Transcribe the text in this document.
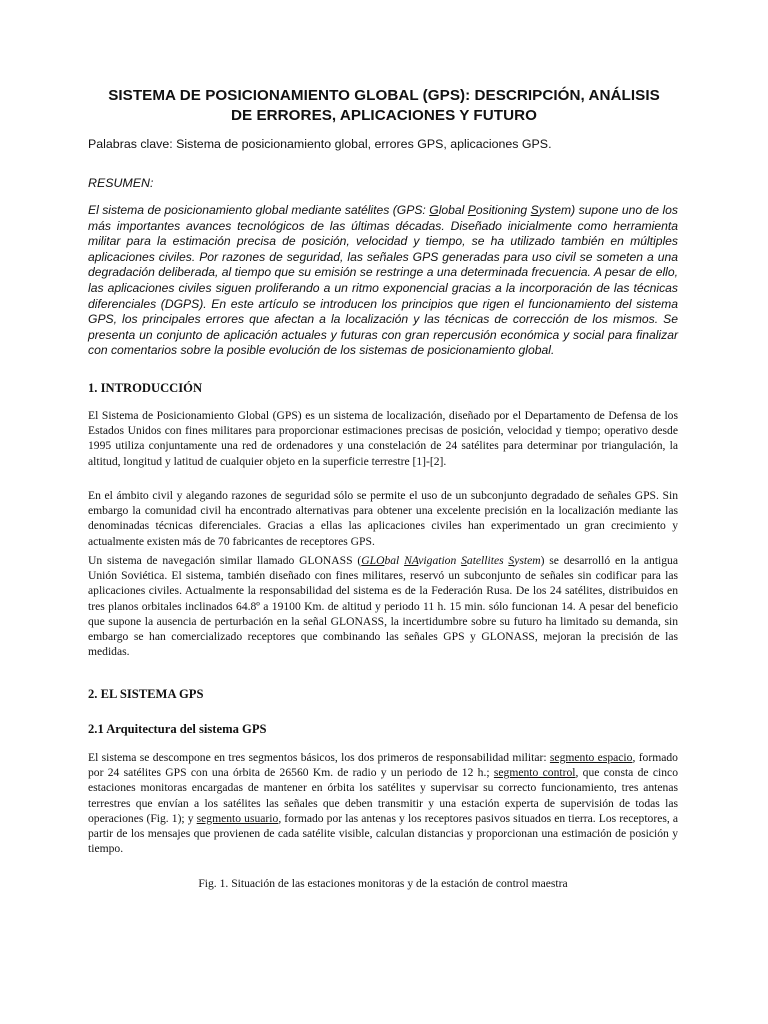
SISTEMA DE POSICIONAMIENTO GLOBAL (GPS): DESCRIPCIÓN, ANÁLISIS
DE ERRORES, APLICACIONES Y FUTURO

Palabras clave: Sistema de posicionamiento global, errores GPS, aplicaciones GPS.

RESUMEN:

El sistema de posicionamiento global mediante satélites (GPS: Global Positioning System) supone uno de los más importantes avances tecnológicos de las últimas décadas. Diseñado inicialmente como herramienta militar para la estimación precisa de posición, velocidad y tiempo, se ha utilizado también en múltiples aplicaciones civiles. Por razones de seguridad, las señales GPS generadas para uso civil se someten a una degradación deliberada, al tiempo que su emisión se restringe a una determinada frecuencia. A pesar de ello, las aplicaciones civiles siguen proliferando a un ritmo exponencial gracias a la incorporación de las técnicas diferenciales (DGPS). En este artículo se introducen los principios que rigen el funcionamiento del sistema GPS, los principales errores que afectan a la localización y las técnicas de corrección de los mismos. Se presenta un conjunto de aplicación actuales y futuras con gran repercusión económica y social para finalizar con comentarios sobre la posible evolución de los sistemas de posicionamiento global.

1. INTRODUCCIÓN

El Sistema de Posicionamiento Global (GPS) es un sistema de localización, diseñado por el Departamento de Defensa de los Estados Unidos con fines militares para proporcionar estimaciones precisas de posición, velocidad y tiempo; operativo desde 1995 utiliza conjuntamente una red de ordenadores y una constelación de 24 satélites para determinar por triangulación, la altitud, longitud y latitud de cualquier objeto en la superficie terrestre [1]-[2].

En el ámbito civil y alegando razones de seguridad sólo se permite el uso de un subconjunto degradado de señales GPS. Sin embargo la comunidad civil ha encontrado alternativas para obtener una excelente precisión en la localización mediante las denominadas técnicas diferenciales. Gracias a ellas las aplicaciones civiles han experimentado un gran crecimiento y actualmente existen más de 70 fabricantes de receptores GPS.

Un sistema de navegación similar llamado GLONASS (GLObal NAvigation Satellites System) se desarrolló en la antigua Unión Soviética. El sistema, también diseñado con fines militares, reservó un subconjunto de señales sin codificar para las aplicaciones civiles. Actualmente la responsabilidad del sistema es de la Federación Rusa. De los 24 satélites, distribuidos en tres planos orbitales inclinados 64.8º a 19100 Km. de altitud y periodo 11 h. 15 min. sólo funcionan 14. A pesar del beneficio que supone la ausencia de perturbación en la señal GLONASS, la incertidumbre sobre su futuro ha limitado su demanda, sin embargo se han comercializado receptores que combinando las señales GPS y GLONASS, mejoran la precisión de las medidas.

2. EL SISTEMA GPS
2.1 Arquitectura del sistema GPS

El sistema se descompone en tres segmentos básicos, los dos primeros de responsabilidad militar: segmento espacio, formado por 24 satélites GPS con una órbita de 26560 Km. de radio y un periodo de 12 h.; segmento control, que consta de cinco estaciones monitoras encargadas de mantener en órbita los satélites y supervisar su correcto funcionamiento, tres antenas terrestres que envían a los satélites las señales que deben transmitir y una estación experta de supervisión de todas las operaciones (Fig. 1); y segmento usuario, formado por las antenas y los receptores pasivos situados en tierra. Los receptores, a partir de los mensajes que provienen de cada satélite visible, calculan distancias y proporcionan una estimación de posición y tiempo.

Fig. 1. Situación de las estaciones monitoras y de la estación de control maestra
